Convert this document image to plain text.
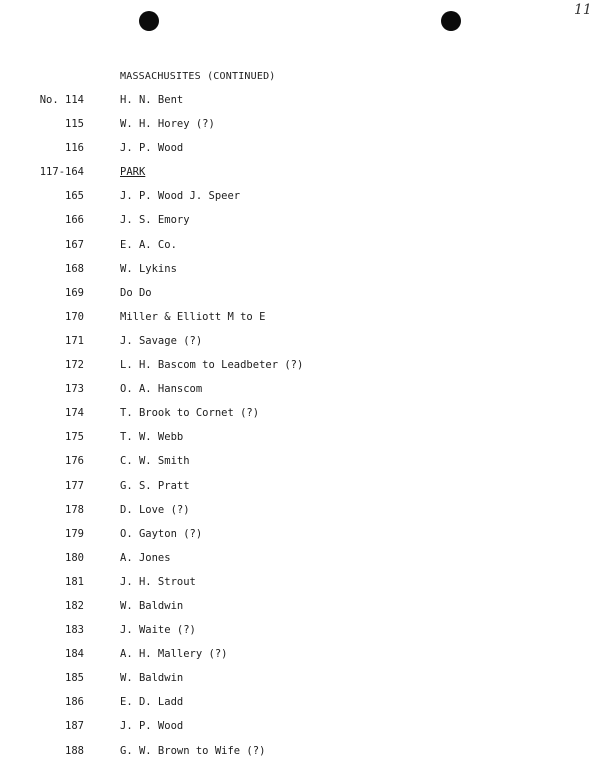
11
MASSACHUSITES (CONTINUED)
No. 114	H. N. Bent
115	W. H. Horey (?)
116	J. P. Wood
117-164	PARK
165	J. P. Wood J. Speer
166	J. S. Emory
167	E. A. Co.
168	W. Lykins
169	Do Do
170	Miller & Elliott M to E
171	J. Savage (?)
172	L. H. Bascom to Leadbeter (?)
173	O. A. Hanscom
174	T. Brook to Cornet (?)
175	T. W. Webb
176	C. W. Smith
177	G. S. Pratt
178	D. Love (?)
179	O. Gayton (?)
180	A. Jones
181	J. H. Strout
182	W. Baldwin
183	J. Waite (?)
184	A. H. Mallery (?)
185	W. Baldwin
186	E. D. Ladd
187	J. P. Wood
188	G. W. Brown to Wife (?)
